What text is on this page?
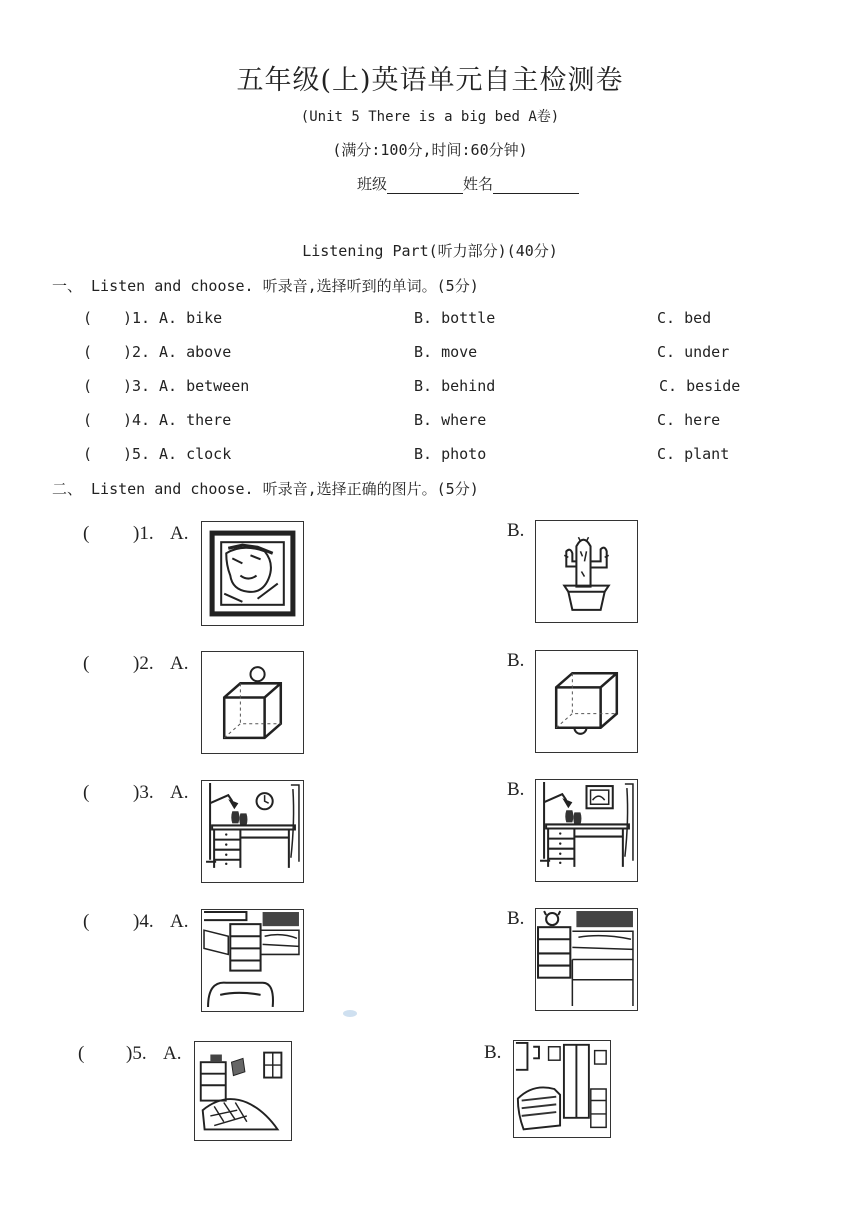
五年级(上)英语单元自主检测卷
(Unit 5 There is a big bed A卷)
(满分:100分,时间:60分钟)
班级	姓名
Listening Part(听力部分)(40分)
一、 Listen and choose. 听录音,选择听到的单词。(5分)
( )1. A. bike	B. bottle	C. bed
( )2. A. above	B. move	C. under
( )3. A. between	B. behind	C. beside
( )4. A. there	B. where	C. here
( )5. A. clock	B. photo	C. plant
二、 Listen and choose. 听录音,选择正确的图片。(5分)
( )1. A.	B.
( )2. A.	B.
( )3. A.	B.
( )4. A.	B.
( )5. A.	B.
